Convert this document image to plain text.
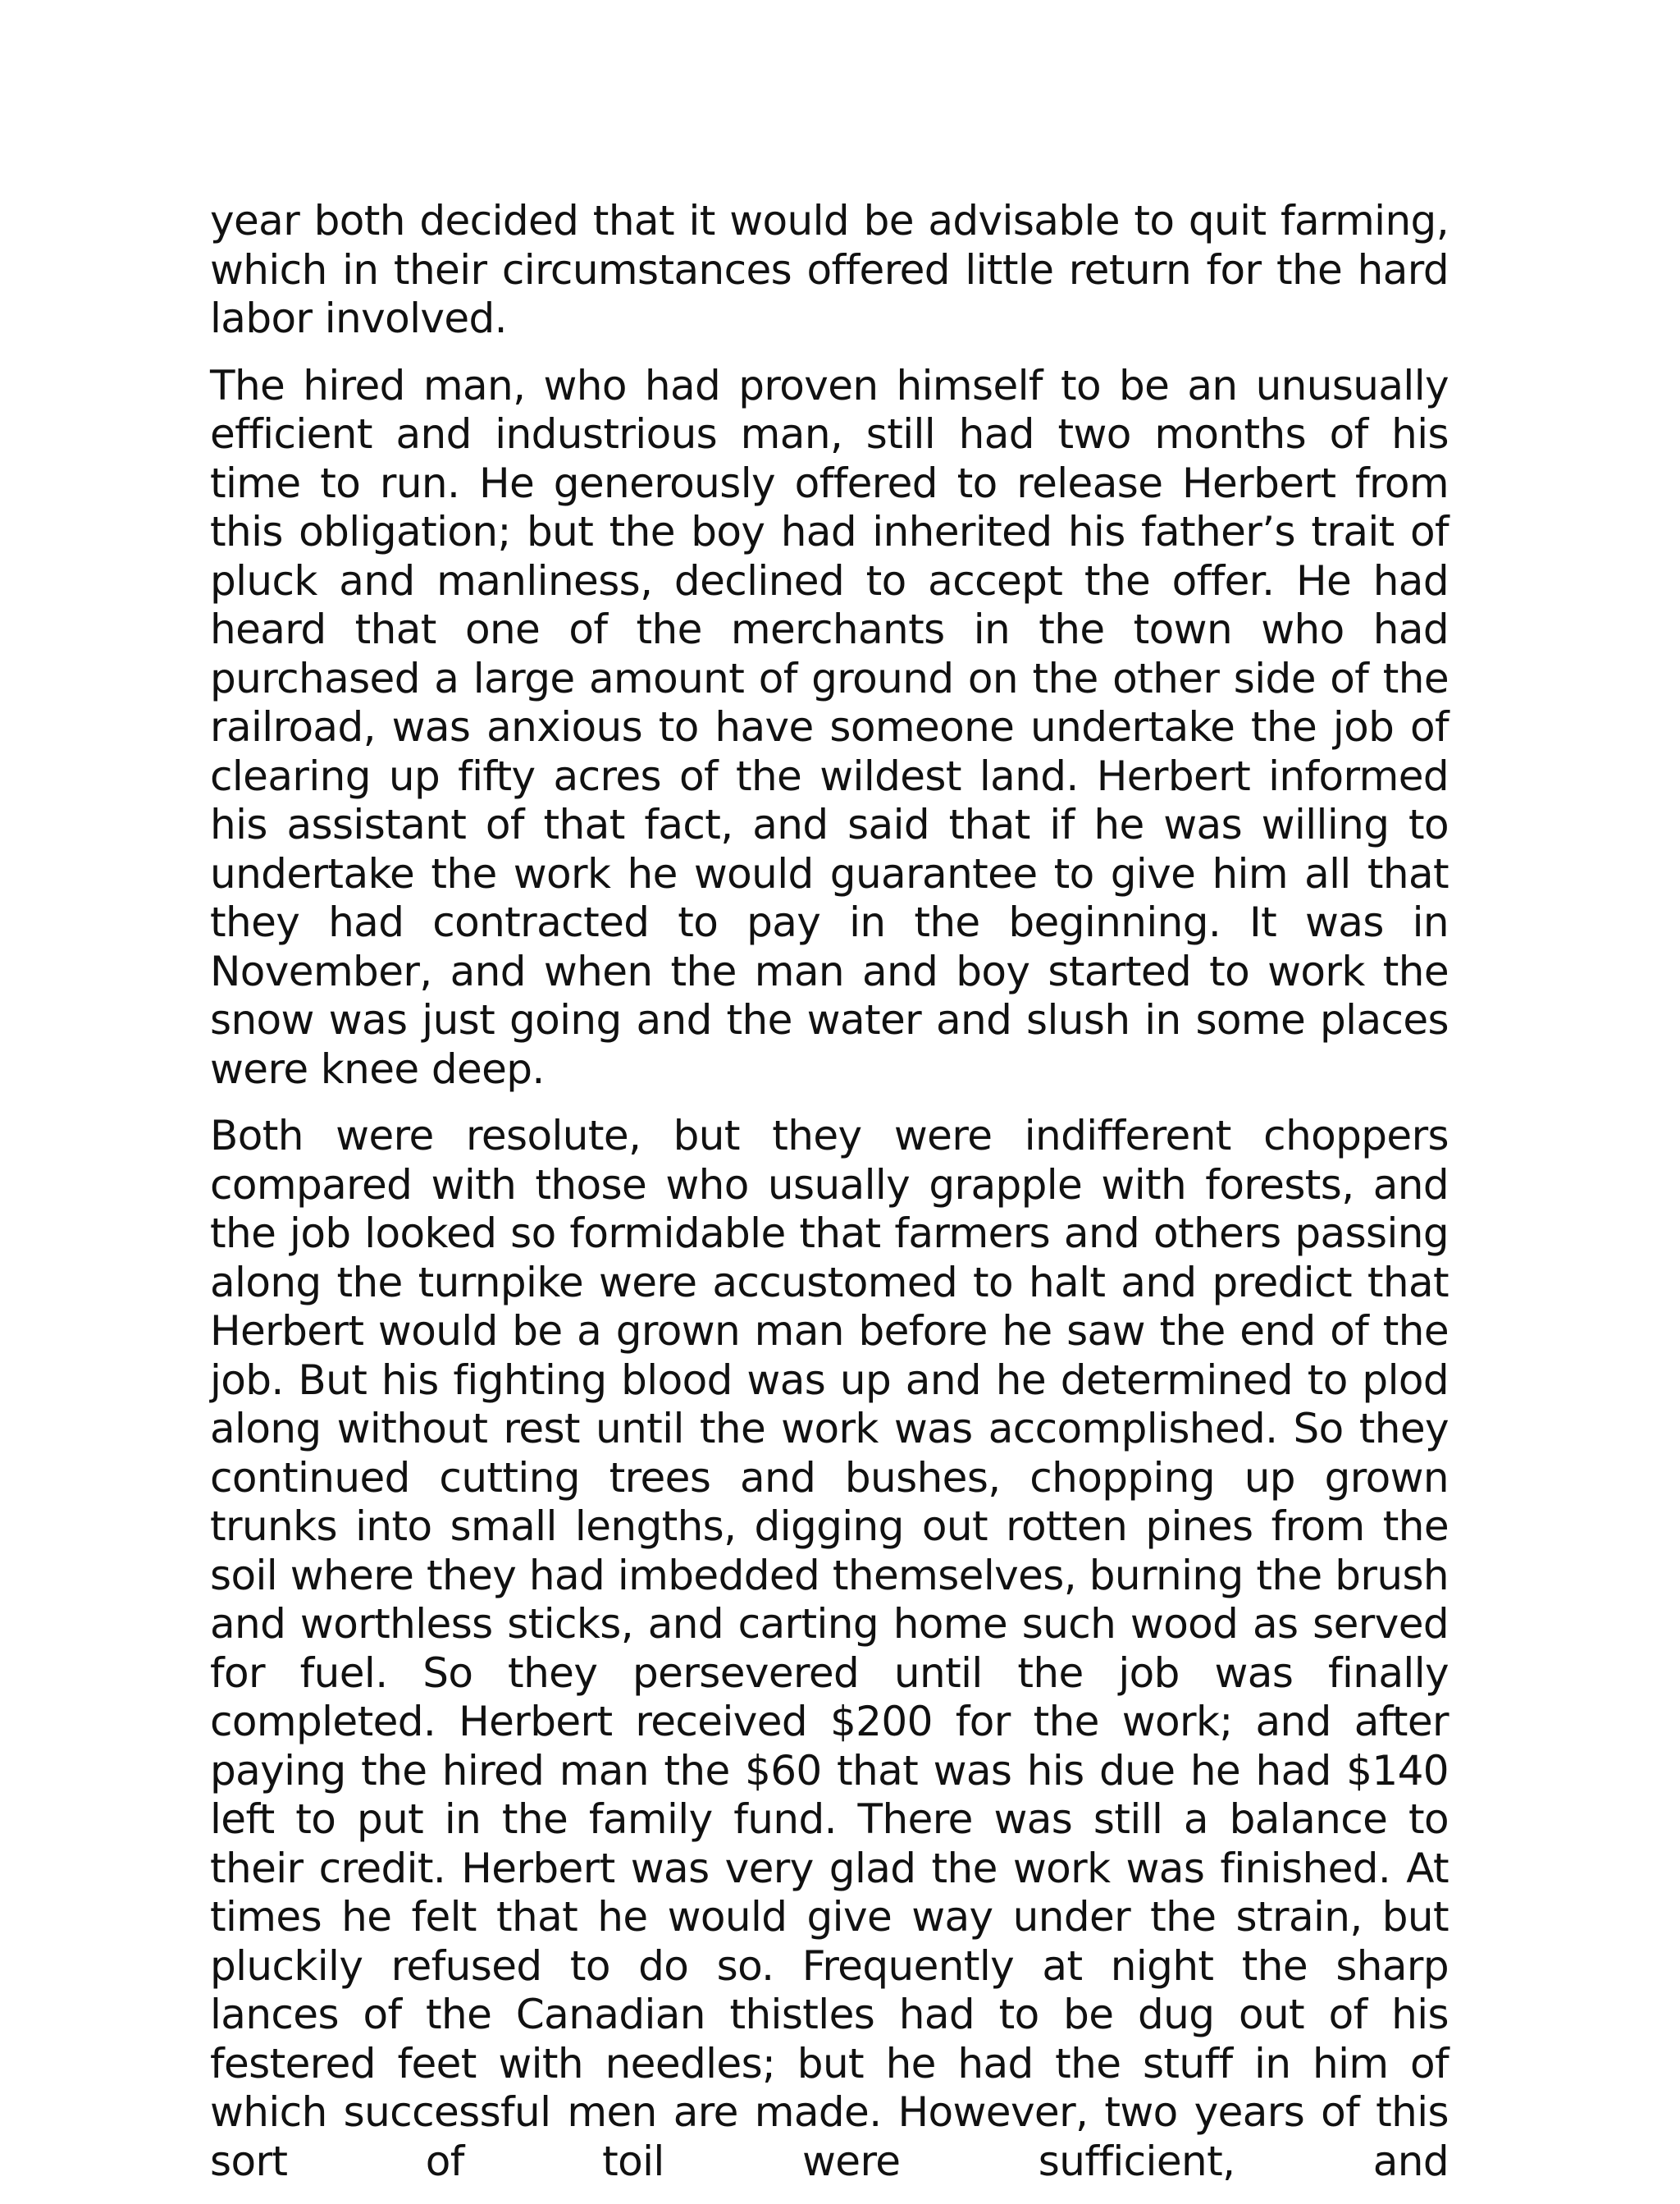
year both decided that it would be advisable to quit farming, which in their circumstances offered little return for the hard labor involved.

The hired man, who had proven himself to be an unusually efficient and industrious man, still had two months of his time to run. He generously offered to release Herbert from this obligation; but the boy had inherited his father’s trait of pluck and manliness, declined to accept the offer. He had heard that one of the merchants in the town who had purchased a large amount of ground on the other side of the railroad, was anxious to have someone undertake the job of clearing up fifty acres of the wildest land. Herbert informed his assistant of that fact, and said that if he was willing to undertake the work he would guarantee to give him all that they had contracted to pay in the beginning. It was in November, and when the man and boy started to work the snow was just going and the water and slush in some places were knee deep.

Both were resolute, but they were indifferent choppers compared with those who usually grapple with forests, and the job looked so formidable that farmers and others passing along the turnpike were accustomed to halt and predict that Herbert would be a grown man before he saw the end of the job. But his fighting blood was up and he determined to plod along without rest until the work was accomplished. So they continued cutting trees and bushes, chopping up grown trunks into small lengths, digging out rotten pines from the soil where they had imbedded themselves, burning the brush and worthless sticks, and carting home such wood as served for fuel. So they persevered until the job was finally completed. Herbert received $200 for the work; and after paying the hired man the $60 that was his due he had $140 left to put in the family fund. There was still a balance to their credit. Herbert was very glad the work was finished. At times he felt that he would give way under the strain, but pluckily refused to do so. Frequently at night the sharp lances of the Canadian thistles had to be dug out of his festered feet with needles; but he had the stuff in him of which successful men are made. However, two years of this sort of toil were sufficient, and
